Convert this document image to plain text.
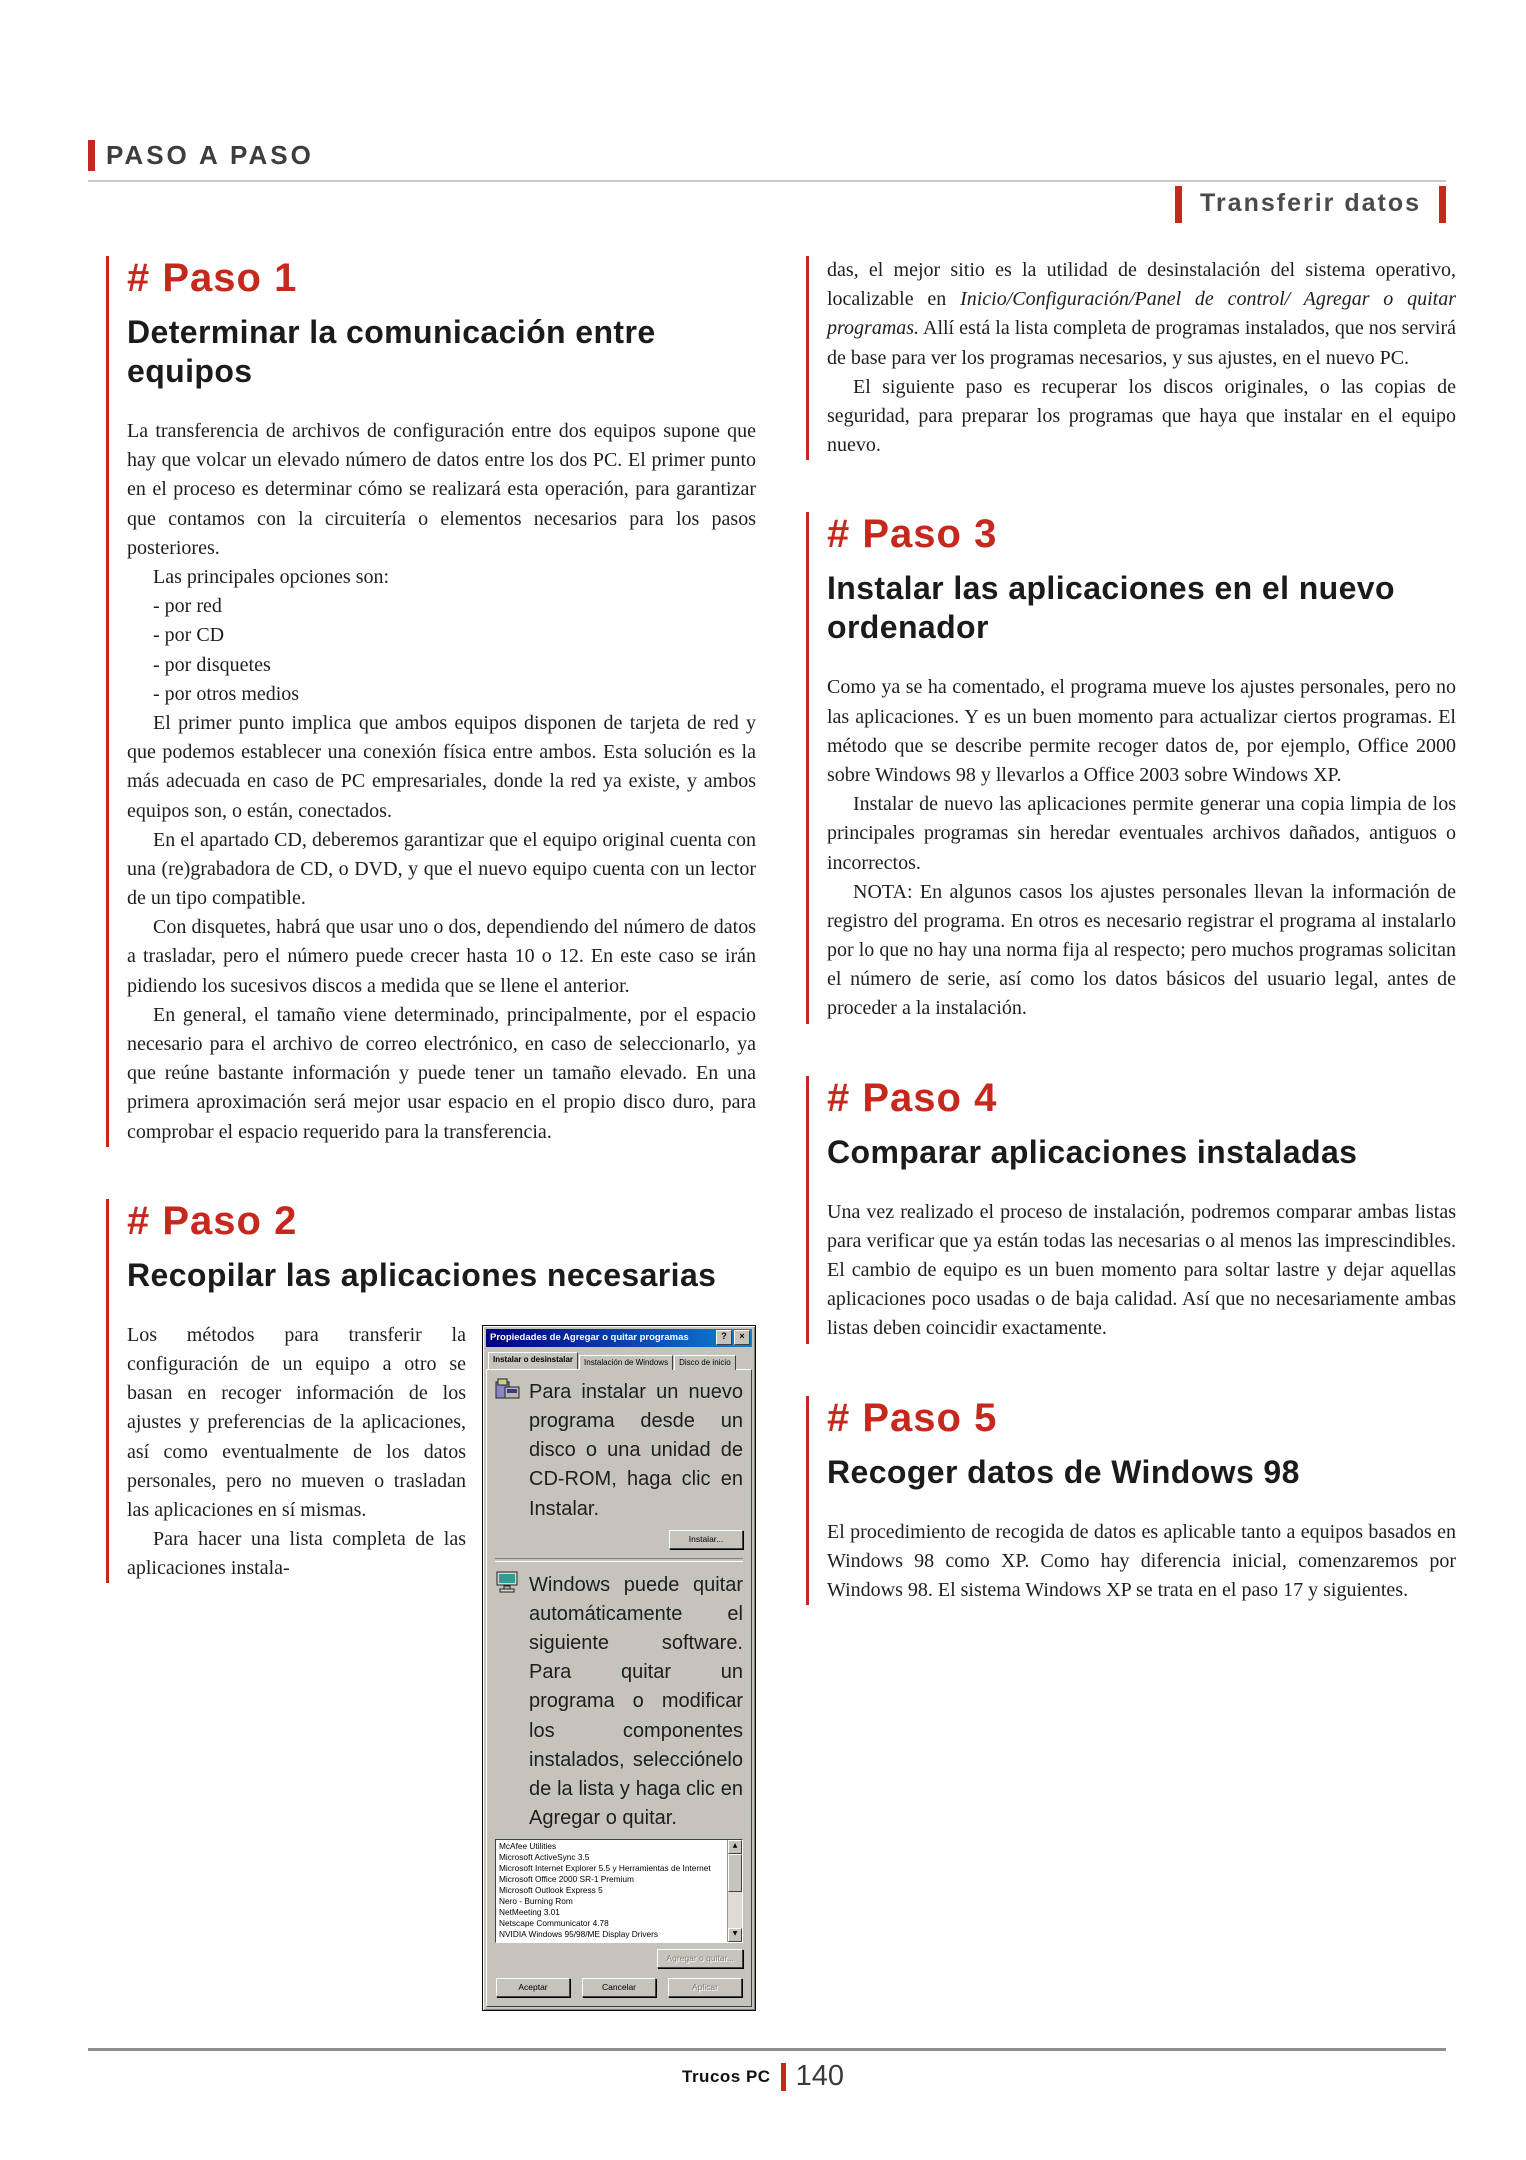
PASO A PASO
Transferir datos
# Paso 1
Determinar la comunicación entre equipos

La transferencia de archivos de configuración entre dos equipos supone que hay que volcar un elevado número de datos entre los dos PC. El primer punto en el proceso es determinar cómo se realizará esta operación, para garantizar que contamos con la circuitería o elementos necesarios para los pasos posteriores.

Las principales opciones son:

- por red

- por CD

- por disquetes

- por otros medios

El primer punto implica que ambos equipos disponen de tarjeta de red y que podemos establecer una conexión física entre ambos. Esta solución es la más adecuada en caso de PC empresariales, donde la red ya existe, y ambos equipos son, o están, conectados.

En el apartado CD, deberemos garantizar que el equipo original cuenta con una (re)grabadora de CD, o DVD, y que el nuevo equipo cuenta con un lector de un tipo compatible.

Con disquetes, habrá que usar uno o dos, dependiendo del número de datos a trasladar, pero el número puede crecer hasta 10 o 12. En este caso se irán pidiendo los sucesivos discos a medida que se llene el anterior.

En general, el tamaño viene determinado, principalmente, por el espacio necesario para el archivo de correo electrónico, en caso de seleccionarlo, ya que reúne bastante información y puede tener un tamaño elevado. En una primera aproximación será mejor usar espacio en el propio disco duro, para comprobar el espacio requerido para la transferencia.

# Paso 2
Recopilar las aplicaciones necesarias
Propiedades de Agregar o quitar programas	?	×
Instalar o desinstalar	Instalación de Windows	Disco de inicio

Para instalar un nuevo programa desde un disco o una unidad de CD-ROM, haga clic en Instalar.

Instalar...

Windows puede quitar automáticamente el siguiente software. Para quitar un programa o modificar los componentes instalados, selecciónelo de la lista y haga clic en Agregar o quitar.

McAfee Utilities
Microsoft ActiveSync 3.5
Microsoft Internet Explorer 5.5 y Herramientas de Internet
Microsoft Office 2000 SR-1 Premium
Microsoft Outlook Express 5
Nero - Burning Rom
NetMeeting 3.01
Netscape Communicator 4.78
NVIDIA Windows 95/98/ME Display Drivers
▲
▼
Agregar o quitar...
Aceptar	Cancelar	Aplicar

Los métodos para transferir la configuración de un equipo a otro se basan en recoger información de los ajustes y preferencias de la aplicaciones, así como eventualmente de los datos personales, pero no mueven o trasladan las aplicaciones en sí mismas.

Para hacer una lista completa de las aplicaciones instala-

das, el mejor sitio es la utilidad de desinstalación del sistema operativo, localizable en Inicio/Configuración/Panel de control/ Agregar o quitar programas. Allí está la lista completa de programas instalados, que nos servirá de base para ver los programas necesarios, y sus ajustes, en el nuevo PC.

El siguiente paso es recuperar los discos originales, o las copias de seguridad, para preparar los programas que haya que instalar en el equipo nuevo.

# Paso 3
Instalar las aplicaciones en el nuevo ordenador

Como ya se ha comentado, el programa mueve los ajustes personales, pero no las aplicaciones. Y es un buen momento para actualizar ciertos programas. El método que se describe permite recoger datos de, por ejemplo, Office 2000 sobre Windows 98 y llevarlos a Office 2003 sobre Windows XP.

Instalar de nuevo las aplicaciones permite generar una copia limpia de los principales programas sin heredar eventuales archivos dañados, antiguos o incorrectos.

NOTA: En algunos casos los ajustes personales llevan la información de registro del programa. En otros es necesario registrar el programa al instalarlo por lo que no hay una norma fija al respecto; pero muchos programas solicitan el número de serie, así como los datos básicos del usuario legal, antes de proceder a la instalación.

# Paso 4
Comparar aplicaciones instaladas

Una vez realizado el proceso de instalación, podremos comparar ambas listas para verificar que ya están todas las necesarias o al menos las imprescindibles. El cambio de equipo es un buen momento para soltar lastre y dejar aquellas aplicaciones poco usadas o de baja calidad. Así que no necesariamente ambas listas deben coincidir exactamente.

# Paso 5
Recoger datos de Windows 98

El procedimiento de recogida de datos es aplicable tanto a equipos basados en Windows 98 como XP. Como hay diferencia inicial, comenzaremos por Windows 98. El sistema Windows XP se trata en el paso 17 y siguientes.

Trucos PC 140
